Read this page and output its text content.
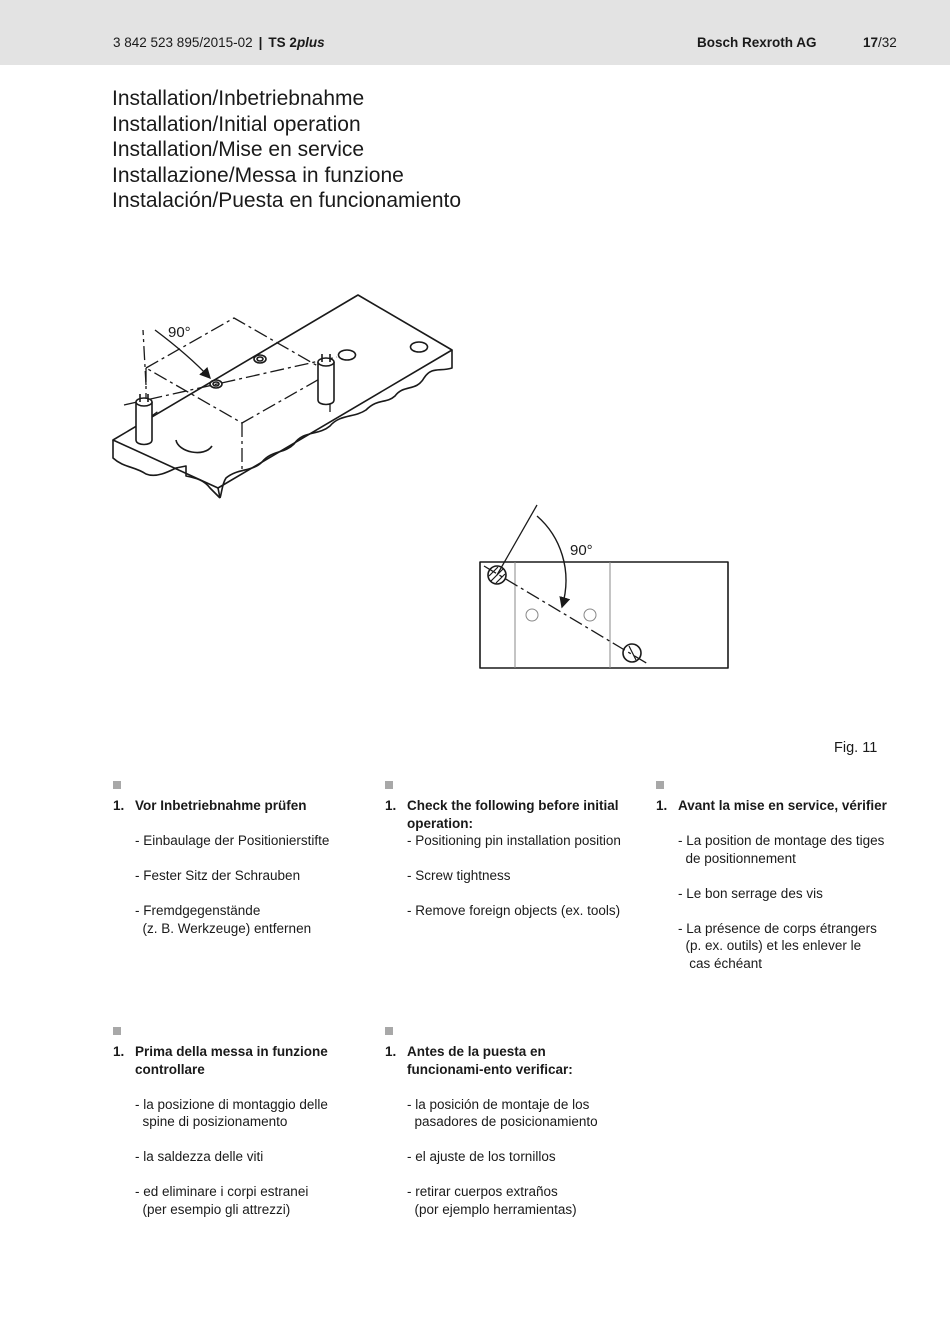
3 842 523 895/2015-02 | TS 2plus	Bosch Rexroth AG	17/32
Installation/Inbetriebnahme
Installation/Initial operation
Installation/Mise en service
Installazione/Messa in funzione
Instalación/Puesta en funcionamiento
90°
90°
Fig. 11
1. Vor Inbetriebnahme prüfen
- Einbaulage der Positionierstifte
- Fester Sitz der Schrauben
- Fremdgegenstände
(z. B. Werkzeuge) entfernen
1. Check the following before initial operation:
- Positioning pin installation position
- Screw tightness
- Remove foreign objects (ex. tools)
1. Avant la mise en service, vérifier
- La position de montage des tiges
de positionnement
- Le bon serrage des vis
- La présence de corps étrangers
(p. ex. outils) et les enlever le
cas échéant
1. Prima della messa in funzione controllare
- la posizione di montaggio delle
spine di posizionamento
- la saldezza delle viti
- ed eliminare i corpi estranei
(per esempio gli attrezzi)
1. Antes de la puesta en funcionami-ento verificar:
- la posición de montaje de los
pasadores de posicionamiento
- el ajuste de los tornillos
- retirar cuerpos extraños
(por ejemplo herramientas)
